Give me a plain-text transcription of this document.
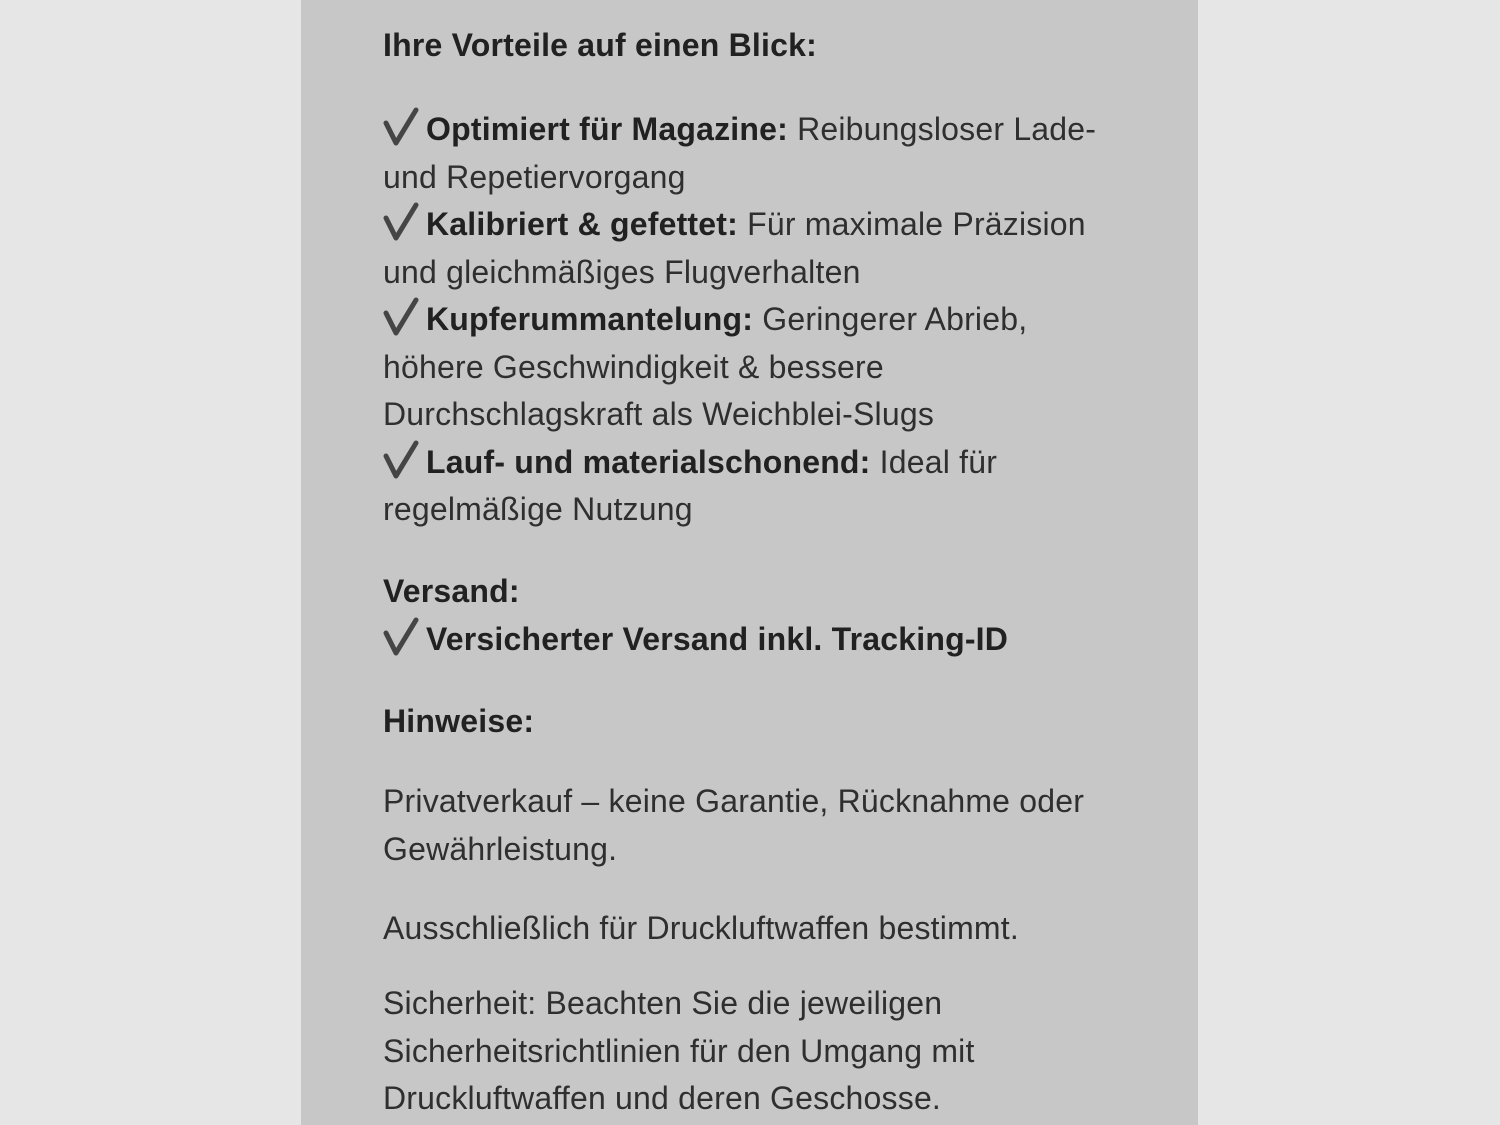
Ihre Vorteile auf einen Blick:

Optimiert für Magazine: Reibungsloser Lade-
und Repetiervorgang

Kalibriert & gefettet: Für maximale Präzision
und gleichmäßiges Flugverhalten

Kupferummantelung: Geringerer Abrieb,
höhere Geschwindigkeit & bessere
Durchschlagskraft als Weichblei-Slugs

Lauf- und materialschonend: Ideal für
regelmäßige Nutzung

Versand:

Versicherter Versand inkl. Tracking-ID

Hinweise:

Privatverkauf – keine Garantie, Rücknahme oder
Gewährleistung.

Ausschließlich für Druckluftwaffen bestimmt.

Sicherheit: Beachten Sie die jeweiligen
Sicherheitsrichtlinien für den Umgang mit
Druckluftwaffen und deren Geschosse.
